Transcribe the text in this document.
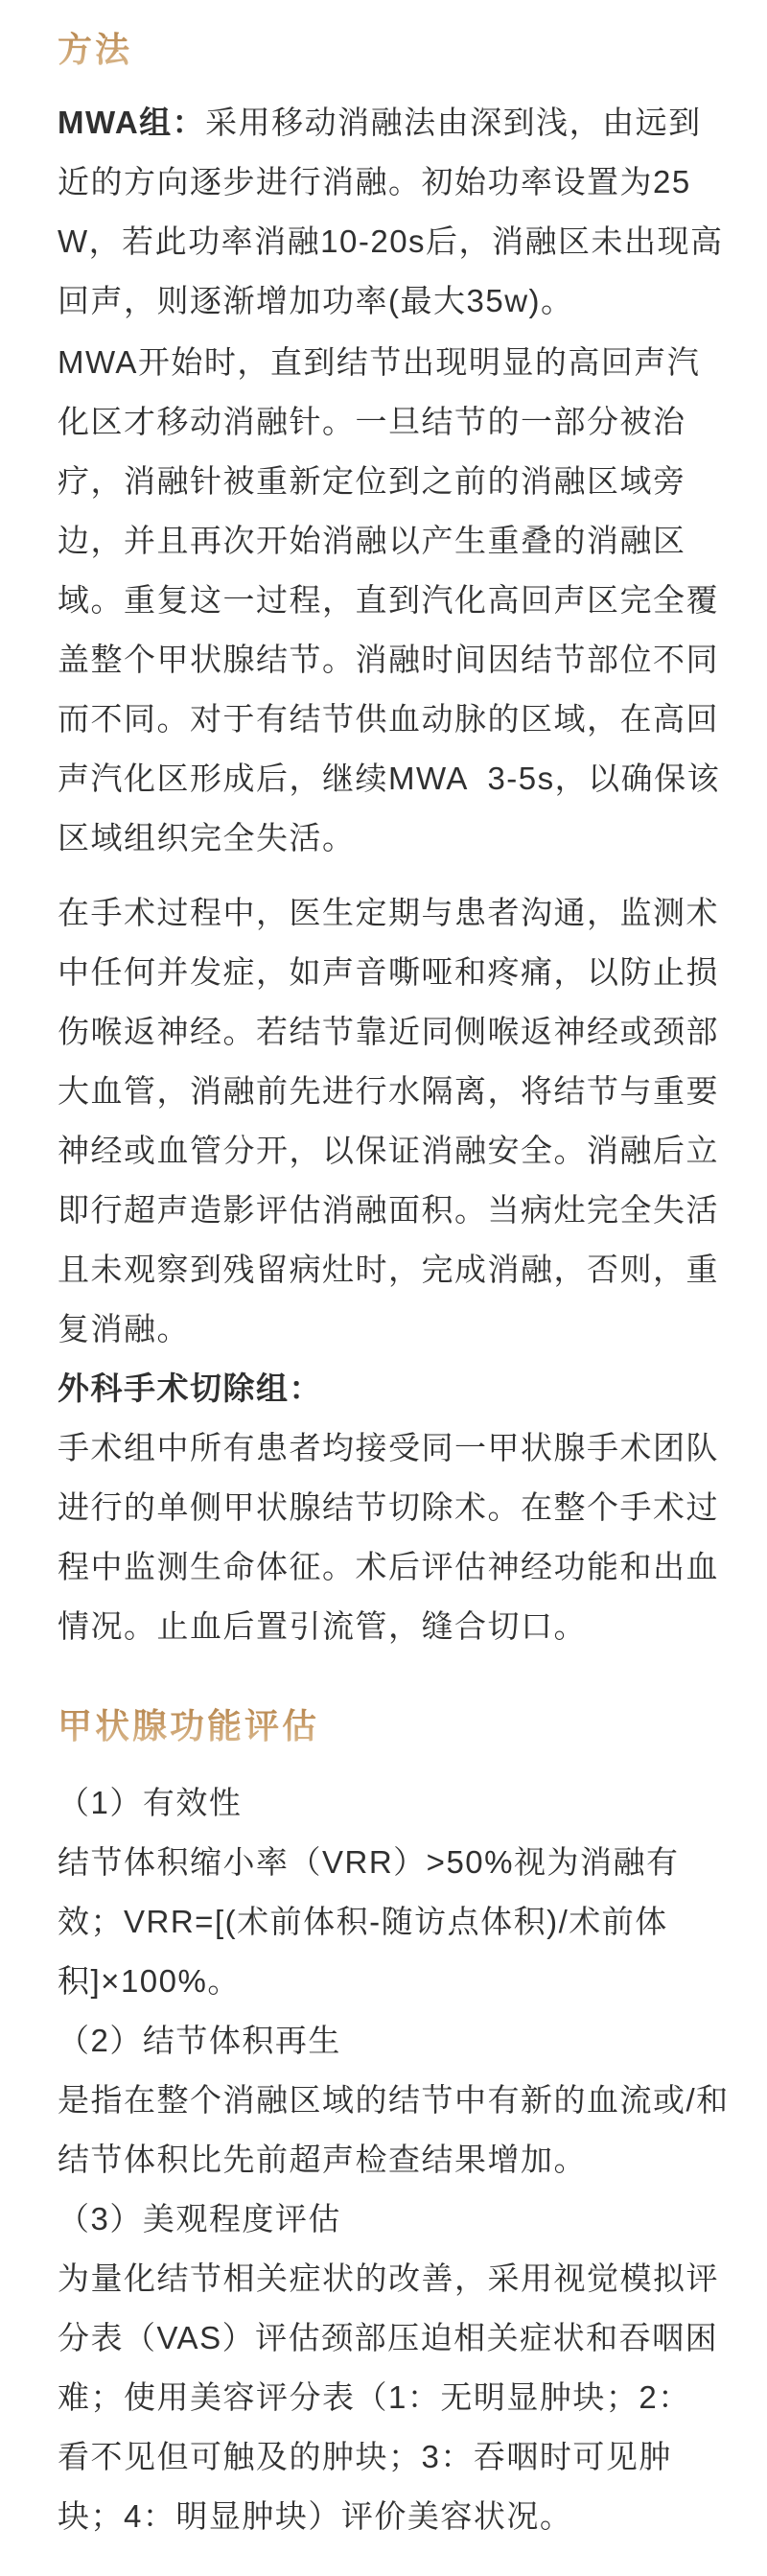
方法
MWA组：采用移动消融法由深到浅，由远到
近的方向逐步进行消融。初始功率设置为25
W，若此功率消融10-20s后，消融区未出现高
回声，则逐渐增加功率(最大35w)。
MWA开始时，直到结节出现明显的高回声汽
化区才移动消融针。一旦结节的一部分被治
疗，消融针被重新定位到之前的消融区域旁
边，并且再次开始消融以产生重叠的消融区
域。重复这一过程，直到汽化高回声区完全覆
盖整个甲状腺结节。消融时间因结节部位不同
而不同。对于有结节供血动脉的区域，在高回
声汽化区形成后，继续MWA  3-5s，以确保该
区域组织完全失活。
在手术过程中，医生定期与患者沟通，监测术
中任何并发症，如声音嘶哑和疼痛，以防止损
伤喉返神经。若结节靠近同侧喉返神经或颈部
大血管，消融前先进行水隔离，将结节与重要
神经或血管分开，以保证消融安全。消融后立
即行超声造影评估消融面积。当病灶完全失活
且未观察到残留病灶时，完成消融，否则，重
复消融。
外科手术切除组：
手术组中所有患者均接受同一甲状腺手术团队
进行的单侧甲状腺结节切除术。在整个手术过
程中监测生命体征。术后评估神经功能和出血
情况。止血后置引流管，缝合切口。
甲状腺功能评估
（1）有效性
结节体积缩小率（VRR）>50%视为消融有
效；VRR=[(术前体积-随访点体积)/术前体
积]×100%。
（2）结节体积再生
是指在整个消融区域的结节中有新的血流或/和
结节体积比先前超声检查结果增加。
（3）美观程度评估
为量化结节相关症状的改善，采用视觉模拟评
分表（VAS）评估颈部压迫相关症状和吞咽困
难；使用美容评分表（1：无明显肿块；2：
看不见但可触及的肿块；3：吞咽时可见肿
块；4：明显肿块）评价美容状况。
